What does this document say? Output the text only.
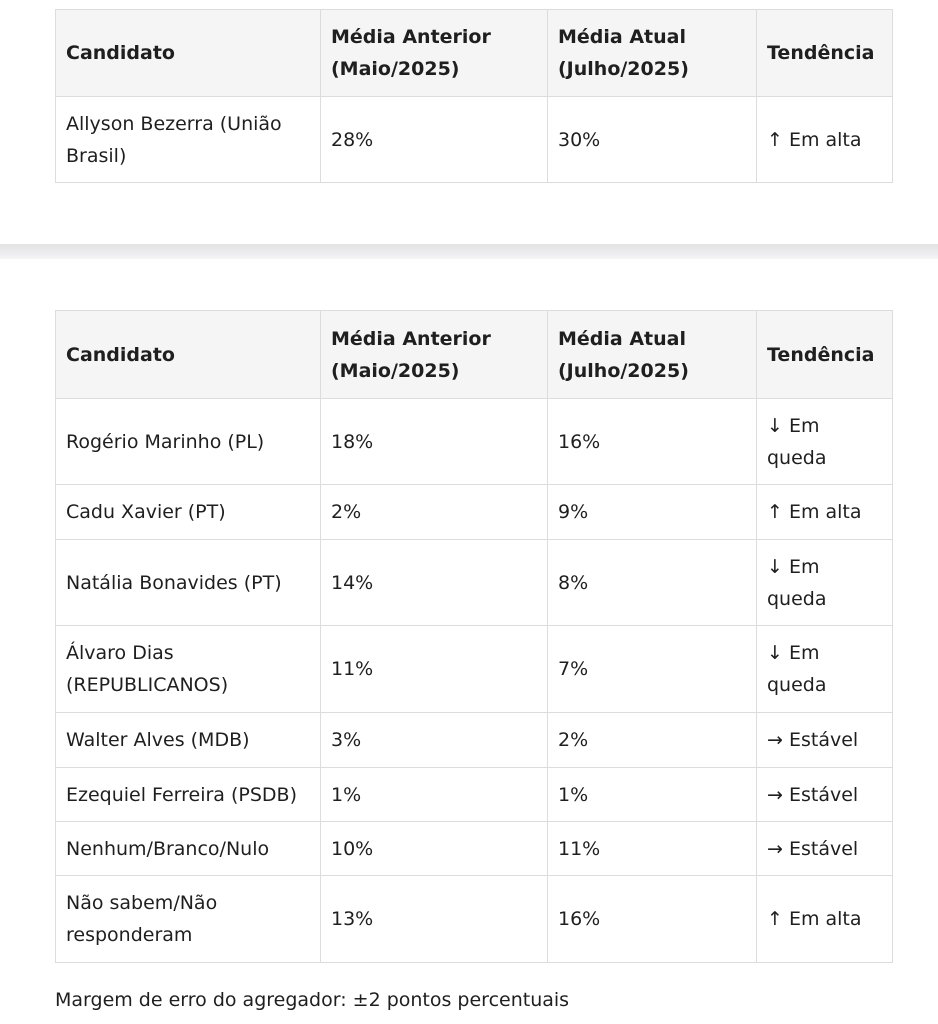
Candidato	Média Anterior (Maio/2025)	Média Atual (Julho/2025)	Tendência
Allyson Bezerra (União Brasil)	28%	30%	↑ Em alta
Candidato	Média Anterior (Maio/2025)	Média Atual (Julho/2025)	Tendência
Rogério Marinho (PL)	18%	16%	↓ Em queda
Cadu Xavier (PT)	2%	9%	↑ Em alta
Natália Bonavides (PT)	14%	8%	↓ Em queda
Álvaro Dias (REPUBLICANOS)	11%	7%	↓ Em queda
Walter Alves (MDB)	3%	2%	→ Estável
Ezequiel Ferreira (PSDB)	1%	1%	→ Estável
Nenhum/Branco/Nulo	10%	11%	→ Estável
Não sabem/Não responderam	13%	16%	↑ Em alta
Margem de erro do agregador: ±2 pontos percentuais
